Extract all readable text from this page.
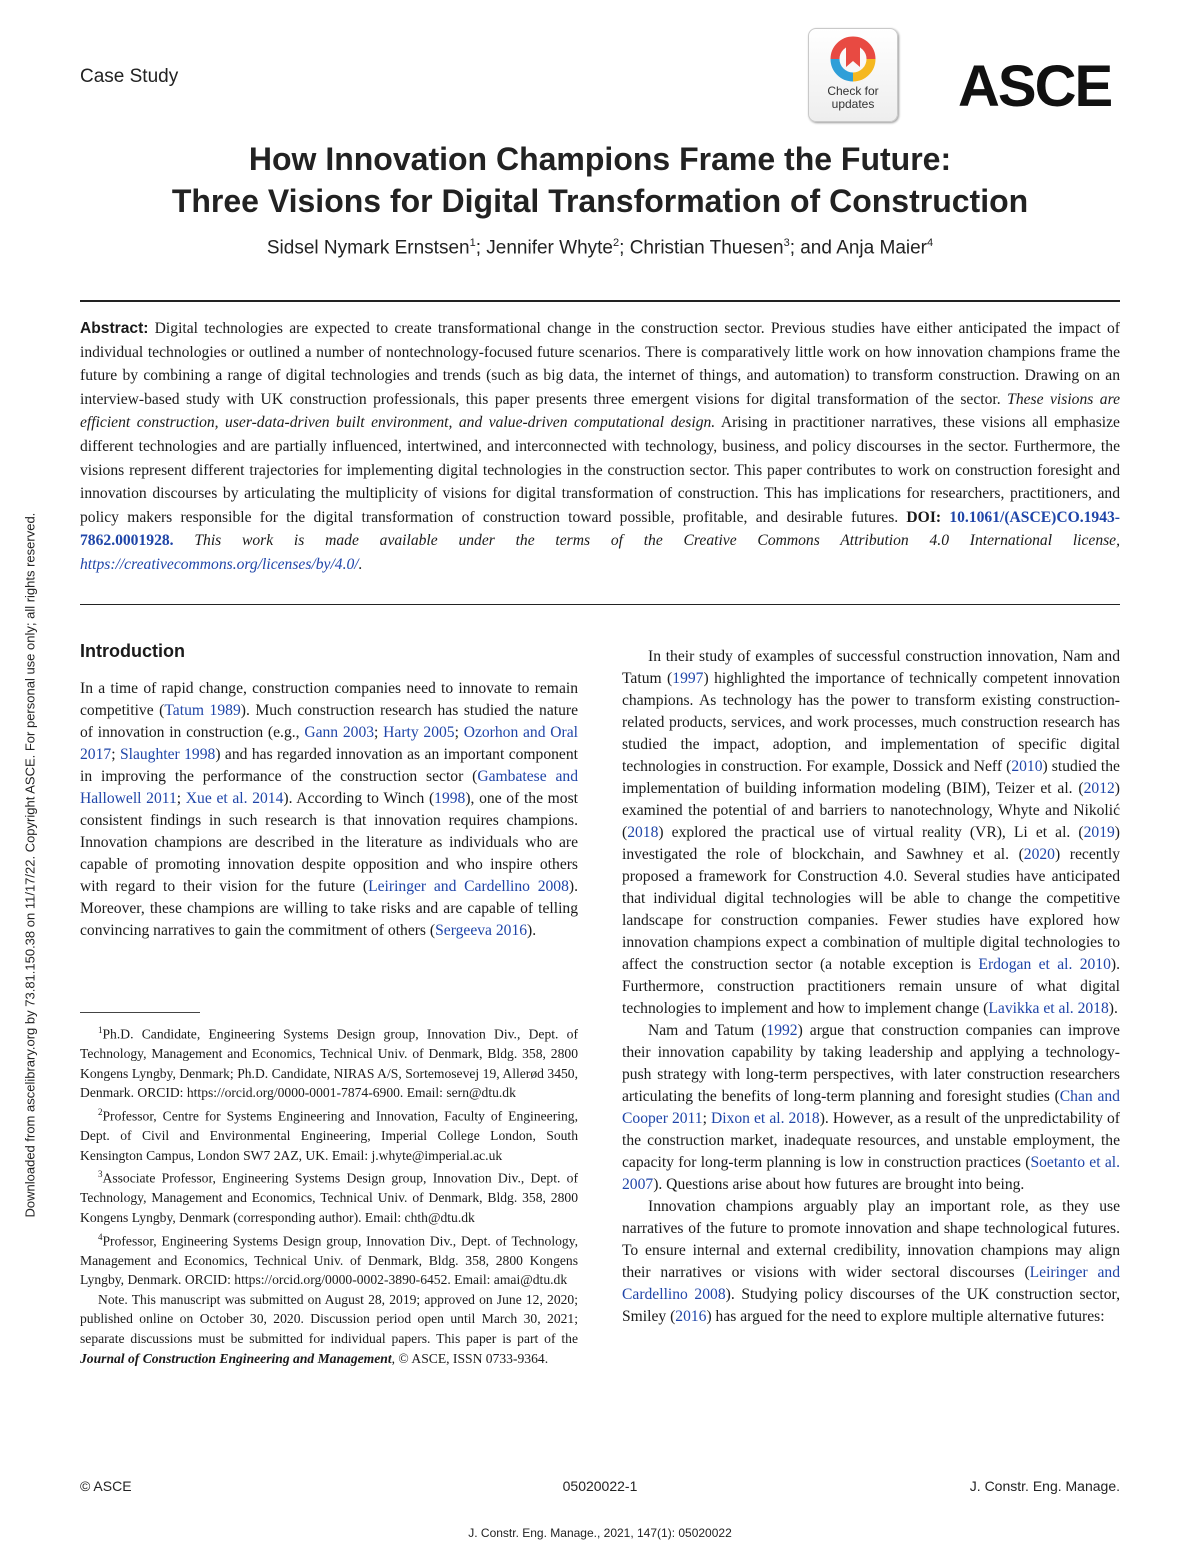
Case Study
Check for updates	ASCE
How Innovation Champions Frame the Future:
Three Visions for Digital Transformation of Construction
Sidsel Nymark Ernstsen$^1$; Jennifer Whyte$^2$; Christian Thuesen$^3$; and Anja Maier$^4$
Abstract: Digital technologies are expected to create transformational change in the construction sector. Previous studies have either anticipated the impact of individual technologies or outlined a number of nontechnology-focused future scenarios. There is comparatively little work on how innovation champions frame the future by combining a range of digital technologies and trends (such as big data, the internet of things, and automation) to transform construction. Drawing on an interview-based study with UK construction professionals, this paper presents three emergent visions for digital transformation of the sector. These visions are efficient construction, user-data-driven built environment, and value-driven computational design. Arising in practitioner narratives, these visions all emphasize different technologies and are partially influenced, intertwined, and interconnected with technology, business, and policy discourses in the sector. Furthermore, the visions represent different trajectories for implementing digital technologies in the construction sector. This paper contributes to work on construction foresight and innovation discourses by articulating the multiplicity of visions for digital transformation of construction. This has implications for researchers, practitioners, and policy makers responsible for the digital transformation of construction toward possible, profitable, and desirable futures. DOI: 10.1061/(ASCE)CO.1943-7862.0001928. This work is made available under the terms of the Creative Commons Attribution 4.0 International license, https://creativecommons.org/licenses/by/4.0/.
Downloaded from ascelibrary.org by 73.81.150.38 on 11/17/22. Copyright ASCE. For personal use only; all rights reserved. Introduction

In a time of rapid change, construction companies need to innovate to remain competitive (Tatum 1989). Much construction research has studied the nature of innovation in construction (e.g., Gann 2003; Harty 2005; Ozorhon and Oral 2017; Slaughter 1998) and has regarded innovation as an important component in improving the performance of the construction sector (Gambatese and Hallowell 2011; Xue et al. 2014). According to Winch (1998), one of the most consistent findings in such research is that innovation requires champions. Innovation champions are described in the literature as individuals who are capable of promoting innovation despite opposition and who inspire others with regard to their vision for the future (Leiringer and Cardellino 2008). Moreover, these champions are willing to take risks and are capable of telling convincing narratives to gain the commitment of others (Sergeeva 2016).

$^1$Ph.D. Candidate, Engineering Systems Design group, Innovation Div., Dept. of Technology, Management and Economics, Technical Univ. of Denmark, Bldg. 358, 2800 Kongens Lyngby, Denmark; Ph.D. Candidate, NIRAS A/S, Sortemosevej 19, Allerød 3450, Denmark. ORCID: https://orcid.org/0000-0001-7874-6900. Email: sern@dtu.dk

$^2$Professor, Centre for Systems Engineering and Innovation, Faculty of Engineering, Dept. of Civil and Environmental Engineering, Imperial College London, South Kensington Campus, London SW7 2AZ, UK. Email: j.whyte@imperial.ac.uk

$^3$Associate Professor, Engineering Systems Design group, Innovation Div., Dept. of Technology, Management and Economics, Technical Univ. of Denmark, Bldg. 358, 2800 Kongens Lyngby, Denmark (corresponding author). Email: chth@dtu.dk

$^4$Professor, Engineering Systems Design group, Innovation Div., Dept. of Technology, Management and Economics, Technical Univ. of Denmark, Bldg. 358, 2800 Kongens Lyngby, Denmark. ORCID: https://orcid.org/0000-0002-3890-6452. Email: amai@dtu.dk

Note. This manuscript was submitted on August 28, 2019; approved on June 12, 2020; published online on October 30, 2020. Discussion period open until March 30, 2021; separate discussions must be submitted for individual papers. This paper is part of the Journal of Construction Engineering and Management, © ASCE, ISSN 0733-9364.

In their study of examples of successful construction innovation, Nam and Tatum (1997) highlighted the importance of technically competent innovation champions. As technology has the power to transform existing construction-related products, services, and work processes, much construction research has studied the impact, adoption, and implementation of specific digital technologies in construction. For example, Dossick and Neff (2010) studied the implementation of building information modeling (BIM), Teizer et al. (2012) examined the potential of and barriers to nanotechnology, Whyte and Nikolić (2018) explored the practical use of virtual reality (VR), Li et al. (2019) investigated the role of blockchain, and Sawhney et al. (2020) recently proposed a framework for Construction 4.0. Several studies have anticipated that individual digital technologies will be able to change the competitive landscape for construction companies. Fewer studies have explored how innovation champions expect a combination of multiple digital technologies to affect the construction sector (a notable exception is Erdogan et al. 2010). Furthermore, construction practitioners remain unsure of what digital technologies to implement and how to implement change (Lavikka et al. 2018).

Nam and Tatum (1992) argue that construction companies can improve their innovation capability by taking leadership and applying a technology-push strategy with long-term perspectives, with later construction researchers articulating the benefits of long-term planning and foresight studies (Chan and Cooper 2011; Dixon et al. 2018). However, as a result of the unpredictability of the construction market, inadequate resources, and unstable employment, the capacity for long-term planning is low in construction practices (Soetanto et al. 2007). Questions arise about how futures are brought into being.

Innovation champions arguably play an important role, as they use narratives of the future to promote innovation and shape technological futures. To ensure internal and external credibility, innovation champions may align their narratives or visions with wider sectoral discourses (Leiringer and Cardellino 2008). Studying policy discourses of the UK construction sector, Smiley (2016) has argued for the need to explore multiple alternative futures:

© ASCE	05020022-1	J. Constr. Eng. Manage.
J. Constr. Eng. Manage., 2021, 147(1): 05020022
